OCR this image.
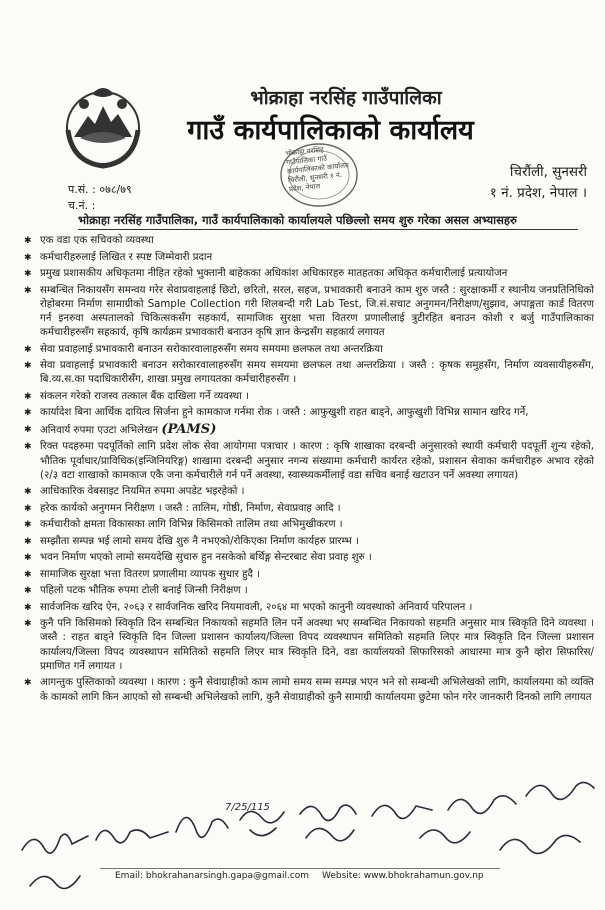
भोक्राहा नरसिंह गाउँपालिका
गाउँ कार्यपालिकाको कार्यालय
भोक्राहा नरसिंह गाउँपालिका गाउँ कार्यपालिकाको कार्यालय चिरौंली, सुनसरी १ नं. प्रदेश, नेपाल
चिरौंली, सुनसरी
१ नं. प्रदेश, नेपाल ।
प.सं. : ०७८/७९
च.नं. :
भोक्राहा नरसिंह गाउँपालिका, गाउँ कार्यपालिकाको कार्यालयले पछिल्लो समय शुरु गरेका असल अभ्यासहरु
✱ एक वडा एक सचिवको व्यवस्था
✱ कर्मचारीहरुलाई लिखित र स्पष्ट जिम्मेवारी प्रदान
✱ प्रमुख प्रशासकीय अधिकृतमा नीहित रहेको भुक्तानी बाहेकका अधिकांश अधिकारहरु मातहतका अधिकृत कर्मचारीलाई प्रत्यायोजन
✱ सम्बन्धित निकायसँग समन्वय गरेर सेवाप्रवाहलाई छिटो, छरितो, सरल, सहज, प्रभावकारी बनाउने काम शुरु जस्तै : सुरक्षाकर्मी र स्थानीय जनप्रतिनिधिको रोहोबरमा निर्माण सामाग्रीको Sample Collection गरी शिलबन्दी गरी Lab Test, जि.सं.सचाट अनुगमन/निरीक्षण/सुझाव, अपाङ्गता कार्ड वितरण गर्न इनरुवा अस्पतालको चिकित्सकसँग सहकार्य, सामाजिक सुरक्षा भत्ता वितरण प्रणालीलाई त्रुटीरहित बनाउन कोशी र बर्जु गाउँपालिकाका कर्मचारीहरुसँग सहकार्य, कृषि कार्यक्रम प्रभावकारी बनाउन कृषि ज्ञान केन्द्रसँग सहकार्य लगायत
✱ सेवा प्रवाहलाई प्रभावकारी बनाउन सरोकारवालाहरुसँग समय समयमा छलफल तथा अन्तरक्रिया
✱ सेवा प्रवाहलाई प्रभावकारी बनाउन सरोकारवालाहरुसँग समय समयमा छलफल तथा अन्तरक्रिया । जस्तै : कृषक समुहसँग, निर्माण व्यवसायीहरुसँग, बि.व्य.स.का पदाधिकारीसँग, शाखा प्रमुख लगायतका कर्मचारीहरुसँग ।
✱ संकलन गरेको राजस्व तत्काल बैंक दाखिला गर्ने व्यवस्था ।
✱ कार्यादेश बिना आर्थिक दायित्व सिर्जना हुने कामकाज गर्नमा रोक । जस्तै : आफुखुशी राहत बाड्ने, आफुखुशी विभिन्न सामान खरिद गर्ने,
✱ अनिवार्य रुपमा एउटा अभिलेखन (PAMS)
✱ रिक्त पदहरुमा पदपूर्तिको लागि प्रदेश लोक सेवा आयोगमा पत्राचार । कारण : कृषि शाखाका दरबन्दी अनुसारको स्थायी कर्मचारी पदपूर्ती शुन्य रहेको, भौतिक पूर्वाधार/प्राविधिक(इन्जिनियरिङ्ग) शाखामा दरबन्दी अनुसार नगन्य संख्यामा कर्मचारी कार्यरत रहेको, प्रशासन सेवाका कर्मचारीहरु अभाव रहेको (२/३ वटा शाखाको कामकाज एकै जना कर्मचारीले गर्न पर्ने अवस्था, स्वास्थ्यकर्मीलाई वडा सचिव बनाई खटाउन पर्ने अवस्था लगायत)
✱ आधिकारिक वेबसाइट नियमित रुपमा अपडेट भइरहेको ।
✱ हरेक कार्यको अनुगमन निरीक्षण । जस्तै : तालिम, गोष्ठी, निर्माण, सेवाप्रवाह आदि ।
✱ कर्मचारीको क्षमता विकासका लागि विभिन्न किसिमको तालिम तथा अभिमुखीकरण ।
✱ सम्झौता सम्पन्न भई लामो समय देखि शुरु नै नभएको/रोकिएका निर्माण कार्यहरु प्रारम्भ ।
✱ भवन निर्माण भएको लामो समयदेखि सुचारु हुन नसकेको बर्थिङ्ग सेन्टरबाट सेवा प्रवाह शुरु ।
✱ सामाजिक सुरक्षा भत्ता वितरण प्रणालीमा व्यापक सुधार हुदै ।
✱ पहिलो पटक भौतिक रुपमा टोली बनाई जिन्सी निरीक्षण ।
✱ सार्वजनिक खरिद ऐन, २०६३ र सार्वजनिक खरिद नियमावली, २०६४ मा भएको कानुनी व्यवस्थाको अनिवार्य परिपालन ।
✱ कुनै पनि किसिमको स्विकृति दिन सम्बन्धित निकायको सहमति लिन पर्ने अवस्था भए सम्बन्धित निकायको सहमति अनुसार मात्र स्विकृति दिने व्यवस्था । जस्तै : राहत बाड्ने स्विकृति दिन जिल्ला प्रशासन कार्यालय/जिल्ला विपद व्यवस्थापन समितिको सहमति लिएर मात्र स्विकृति दिन जिल्ला प्रशासन कार्यालय/जिल्ला विपद व्यवस्थापन समितिको सहमति लिएर मात्र स्विकृति दिने, वडा कार्यालयको सिफारिसको आधारमा मात्र कुनै व्होरा सिफारिस/प्रमाणित गर्ने लगायत ।
✱ आगन्तुक पुस्तिकाको व्यवस्था । कारण : कुनै सेवाग्राहीको काम लामो समय सम्म सम्पन्न भएन भने सो सम्बन्धी अभिलेखको लागि, कार्यालयमा को व्यक्ति के कामको लागि किन आएको सो सम्बन्धी अभिलेखको लागि, कुनै सेवाग्राहीको कुनै सामाग्री कार्यालयमा छुटेमा फोन गरेर जानकारी दिनको लागि लगायत
7/25/115
Email: bhokrahanarsingh.gapa@gmail.com Website: www.bhokrahamun.gov.np
